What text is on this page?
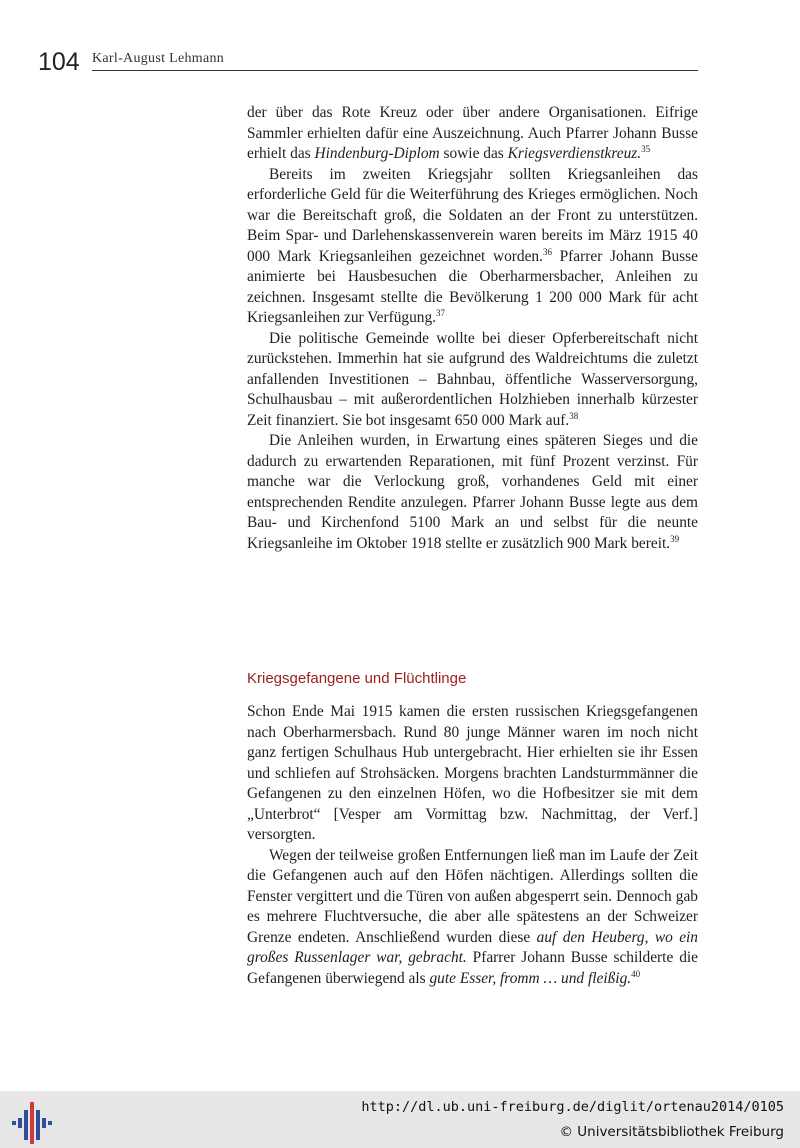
104 Karl-August Lehmann

der über das Rote Kreuz oder über andere Organisationen. Eifrige Sammler erhielten dafür eine Auszeichnung. Auch Pfarrer Johann Busse erhielt das Hindenburg-Diplom sowie das Kriegsverdienstkreuz.$^{35}$

Bereits im zweiten Kriegsjahr sollten Kriegsanleihen das erforderliche Geld für die Weiterführung des Krieges ermöglichen. Noch war die Bereitschaft groß, die Soldaten an der Front zu unterstützen. Beim Spar- und Darlehenskassenverein waren bereits im März 1915 40 000 Mark Kriegsanleihen gezeichnet worden.$^{36}$ Pfarrer Johann Busse animierte bei Hausbesuchen die Oberharmersbacher, Anleihen zu zeichnen. Insgesamt stellte die Bevölkerung 1 200 000 Mark für acht Kriegsanleihen zur Verfügung.$^{37}$

Die politische Gemeinde wollte bei dieser Opferbereitschaft nicht zurückstehen. Immerhin hat sie aufgrund des Waldreichtums die zuletzt anfallenden Investitionen – Bahnbau, öffentliche Wasserversorgung, Schulhausbau – mit außerordentlichen Holzhieben innerhalb kürzester Zeit finanziert. Sie bot insgesamt 650 000 Mark auf.$^{38}$

Die Anleihen wurden, in Erwartung eines späteren Sieges und die dadurch zu erwartenden Reparationen, mit fünf Prozent verzinst. Für manche war die Verlockung groß, vorhandenes Geld mit einer entsprechenden Rendite anzulegen. Pfarrer Johann Busse legte aus dem Bau- und Kirchenfond 5100 Mark an und selbst für die neunte Kriegsanleihe im Oktober 1918 stellte er zusätzlich 900 Mark bereit.$^{39}$

Kriegsgefangene und Flüchtlinge

Schon Ende Mai 1915 kamen die ersten russischen Kriegsgefangenen nach Oberharmersbach. Rund 80 junge Männer waren im noch nicht ganz fertigen Schulhaus Hub untergebracht. Hier erhielten sie ihr Essen und schliefen auf Strohsäcken. Morgens brachten Landsturmmänner die Gefangenen zu den einzelnen Höfen, wo die Hofbesitzer sie mit dem „Unterbrot“ [Vesper am Vormittag bzw. Nachmittag, der Verf.] versorgten.

Wegen der teilweise großen Entfernungen ließ man im Laufe der Zeit die Gefangenen auch auf den Höfen nächtigen. Allerdings sollten die Fenster vergittert und die Türen von außen abgesperrt sein. Dennoch gab es mehrere Fluchtversuche, die aber alle spätestens an der Schweizer Grenze endeten. Anschließend wurden diese auf den Heuberg, wo ein großes Russenlager war, gebracht. Pfarrer Johann Busse schilderte die Gefangenen überwiegend als gute Esser, fromm … und fleißig.$^{40}$

http://dl.ub.uni-freiburg.de/diglit/ortenau2014/0105
© Universitätsbibliothek Freiburg
